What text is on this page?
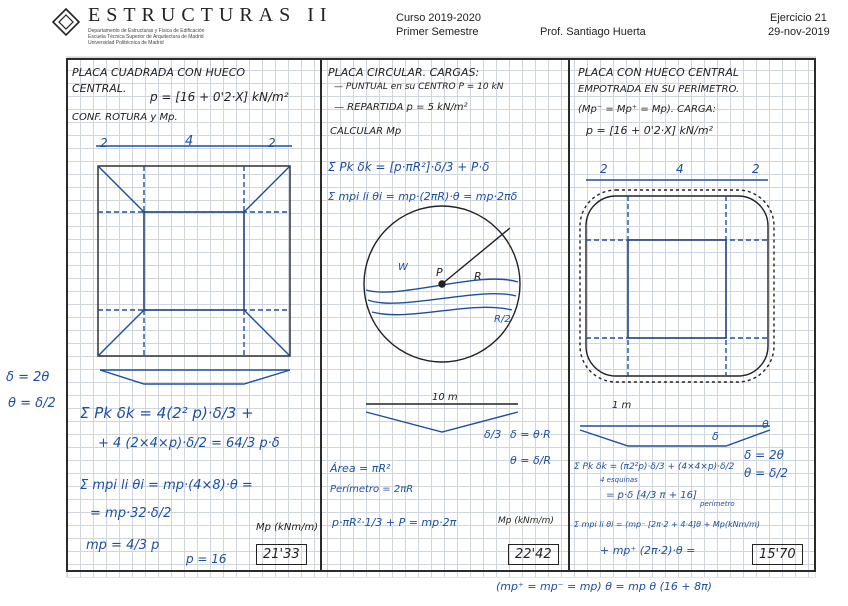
ESTRUCTURAS II
Departamento de Estructuras y Física de Edificación
Escuela Técnica Superior de Arquitectura de Madrid
Universidad Politécnica de Madrid
Curso 2019-2020
Primer Semestre	Prof. Santiago Huerta
Ejercicio 21
29-nov-2019
δ = 2θ
θ = δ/2
PLACA CUADRADA CON HUECO
CENTRAL.
p = [16 + 0'2·X] kN/m²
CONF. ROTURA y Mp.
2	4	2
Σ Pk δk = 4(2² p)·δ/3 +
+ 4 (2×4×p)·δ/2 = 64/3 p·δ
Σ mpi li θi = mp·(4×8)·θ =
= mp·32·δ/2
mp = 4/3 p
p = 16
Mp (kNm/m)
21'33
PLACA CIRCULAR. CARGAS:
— PUNTUAL en su CENTRO P = 10 kN
— REPARTIDA p = 5 kN/m²
CALCULAR Mp
Σ Pk δk = [p·πR²]·δ/3 + P·δ
Σ mpi li θi = mp·(2πR)·θ = mp·2πδ
P	R
R/2
W
10 m
δ/3 δ = θ·R
θ = δ/R
Área = πR²
Perímetro = 2πR
p·πR²·1/3 + P = mp·2π	Mp (kNm/m)
22'42
PLACA CON HUECO CENTRAL
EMPOTRADA EN SU PERÍMETRO.
(Mp⁻ = Mp⁺ = Mp). CARGA:
p = [16 + 0'2·X] kN/m²
2	4	2
1 m
θ
δ
δ = 2θ
θ = δ/2
Σ Pk δk = (π2²p)·δ/3 + (4×4×p)·δ/2
4 esquinas
= p·δ [4/3 π + 16]
perímetro
Σ mpi li θi = (mp⁻ [2π·2 + 4·4]θ + Mp(kNm/m)
+ mp⁺ (2π·2)·θ =	15'70
(mp⁺ = mp⁻ = mp) θ = mp θ (16 + 8π)
